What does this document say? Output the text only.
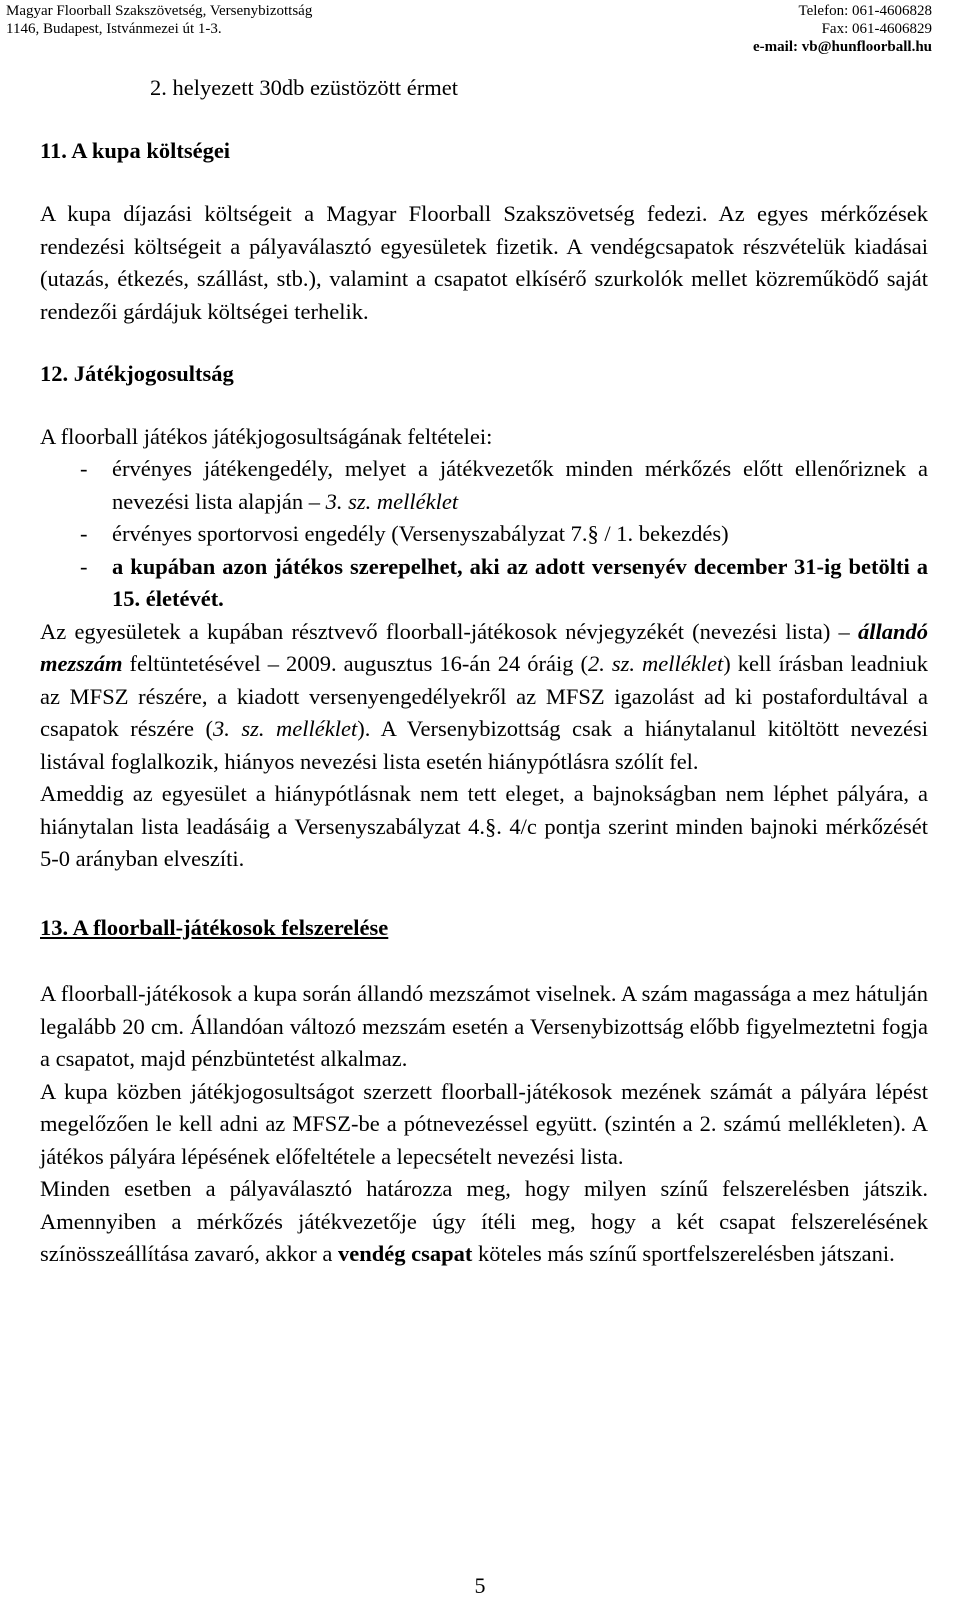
Magyar Floorball Szakszövetség, Versenybizottság
1146, Budapest, Istvánmezei út 1-3.
Telefon: 061-4606828
Fax: 061-4606829
e-mail: vb@hunfloorball.hu

2. helyezett 30db ezüstözött érmet

11. A kupa költségei

A kupa díjazási költségeit a Magyar Floorball Szakszövetség fedezi. Az egyes mérkőzések rendezési költségeit a pályaválasztó egyesületek fizetik. A vendégcsapatok részvételük kiadásai (utazás, étkezés, szállást, stb.), valamint a csapatot elkísérő szurkolók mellet közreműködő saját rendezői gárdájuk költségei terhelik.

12. Játékjogosultság

A floorball játékos játékjogosultságának feltételei:

- érvényes játékengedély, melyet a játékvezetők minden mérkőzés előtt ellenőriznek a nevezési lista alapján – 3. sz. melléklet
- érvényes sportorvosi engedély (Versenyszabályzat 7.§ / 1. bekezdés)
- a kupában azon játékos szerepelhet, aki az adott versenyév december 31-ig betölti a 15. életévét.

Az egyesületek a kupában résztvevő floorball-játékosok névjegyzékét (nevezési lista) – állandó mezszám feltüntetésével – 2009. augusztus 16-án 24 óráig (2. sz. melléklet) kell írásban leadniuk az MFSZ részére, a kiadott versenyengedélyekről az MFSZ igazolást ad ki postafordultával a csapatok részére (3. sz. melléklet). A Versenybizottság csak a hiánytalanul kitöltött nevezési listával foglalkozik, hiányos nevezési lista esetén hiánypótlásra szólít fel.

Ameddig az egyesület a hiánypótlásnak nem tett eleget, a bajnokságban nem léphet pályára, a hiánytalan lista leadásáig a Versenyszabályzat 4.§. 4/c pontja szerint minden bajnoki mérkőzését 5-0 arányban elveszíti.

13. A floorball-játékosok felszerelése

A floorball-játékosok a kupa során állandó mezszámot viselnek. A szám magassága a mez hátulján legalább 20 cm. Állandóan változó mezszám esetén a Versenybizottság előbb figyelmeztetni fogja a csapatot, majd pénzbüntetést alkalmaz.

A kupa közben játékjogosultságot szerzett floorball-játékosok mezének számát a pályára lépést megelőzően le kell adni az MFSZ-be a pótnevezéssel együtt. (szintén a 2. számú mellékleten). A játékos pályára lépésének előfeltétele a lepecsételt nevezési lista.

Minden esetben a pályaválasztó határozza meg, hogy milyen színű felszerelésben játszik. Amennyiben a mérkőzés játékvezetője úgy ítéli meg, hogy a két csapat felszerelésének színösszeállítása zavaró, akkor a vendég csapat köteles más színű sportfelszerelésben játszani.

5
